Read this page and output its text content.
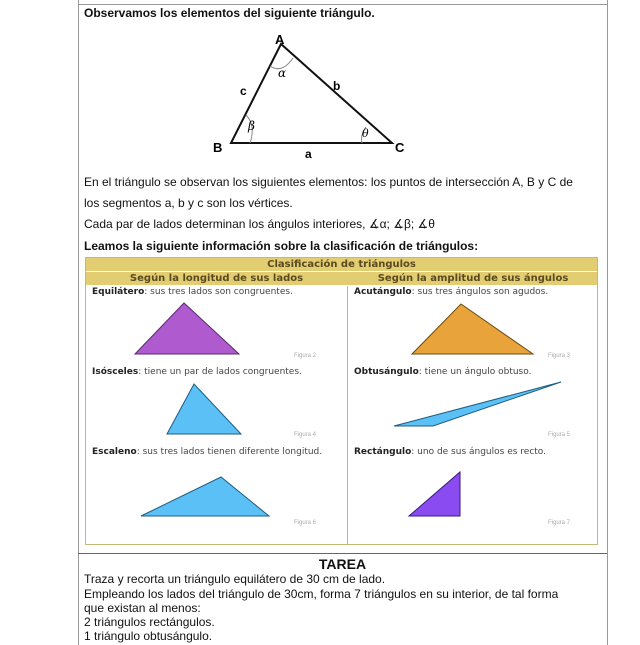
Observamos los elementos del siguiente triángulo.
A
B	C
a
b
c
α
β
θ
En el triángulo se observan los siguientes elementos: los puntos de intersección A, B y C de
los segmentos a, b y c son los vértices.
Cada par de lados determinan los ángulos interiores, ∡α; ∡β; ∡θ
Leamos la siguiente información sobre la clasificación de triángulos:
Clasificación de triángulos
Según la longitud de sus lados	Según la amplitud de sus ángulos
Equilátero: sus tres lados son congruentes.	Acutángulo: sus tres ángulos son agudos.
Isósceles: tiene un par de lados congruentes.	Obtusángulo: tiene un ángulo obtuso.
Escaleno: sus tres lados tienen diferente longitud.	Rectángulo: uno de sus ángulos es recto.
Figura 2	Figura 3
Figura 4	Figura 5
Figura 6	Figura 7
TAREA
Traza y recorta un triángulo equilátero de 30 cm de lado.
Empleando los lados del triángulo de 30cm, forma 7 triángulos en su interior, de tal forma
que existan al menos:
2 triángulos rectángulos.
1 triángulo obtusángulo.
